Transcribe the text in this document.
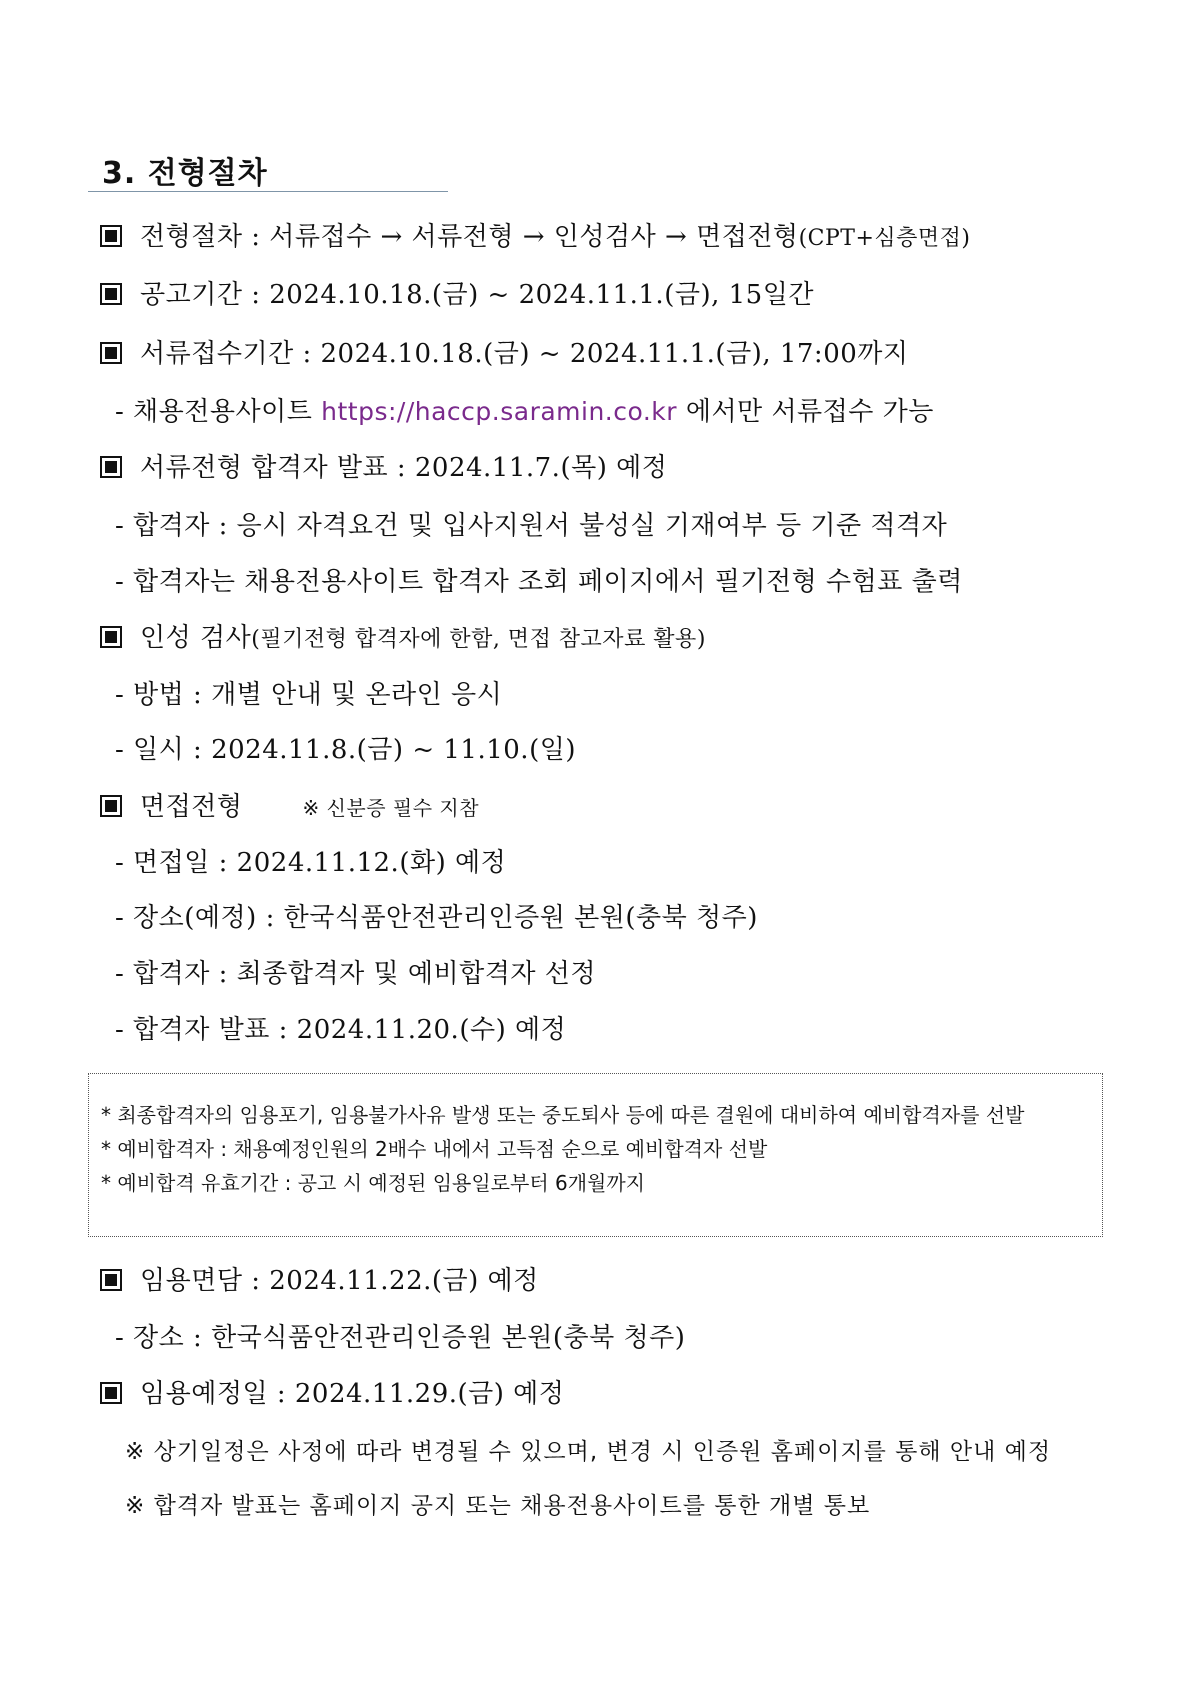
3. 전형절차
전형절차 : 서류접수 → 서류전형 → 인성검사 → 면접전형(CPT+심층면접)
공고기간 : 2024.10.18.(금) ~ 2024.11.1.(금), 15일간
서류접수기간 : 2024.10.18.(금) ~ 2024.11.1.(금), 17:00까지
- 채용전용사이트 https://haccp.saramin.co.kr 에서만 서류접수 가능
서류전형 합격자 발표 : 2024.11.7.(목) 예정
- 합격자 : 응시 자격요건 및 입사지원서 불성실 기재여부 등 기준 적격자
- 합격자는 채용전용사이트 합격자 조회 페이지에서 필기전형 수험표 출력
인성 검사(필기전형 합격자에 한함, 면접 참고자료 활용)
- 방법 : 개별 안내 및 온라인 응시
- 일시 : 2024.11.8.(금) ~ 11.10.(일)
면접전형	※ 신분증 필수 지참
- 면접일 : 2024.11.12.(화) 예정
- 장소(예정) : 한국식품안전관리인증원 본원(충북 청주)
- 합격자 : 최종합격자 및 예비합격자 선정
- 합격자 발표 : 2024.11.20.(수) 예정
* 최종합격자의 임용포기, 임용불가사유 발생 또는 중도퇴사 등에 따른 결원에 대비하여 예비합격자를 선발
* 예비합격자 : 채용예정인원의 2배수 내에서 고득점 순으로 예비합격자 선발
* 예비합격 유효기간 : 공고 시 예정된 임용일로부터 6개월까지
임용면담 : 2024.11.22.(금) 예정
- 장소 : 한국식품안전관리인증원 본원(충북 청주)
임용예정일 : 2024.11.29.(금) 예정
※ 상기일정은 사정에 따라 변경될 수 있으며, 변경 시 인증원 홈페이지를 통해 안내 예정
※ 합격자 발표는 홈페이지 공지 또는 채용전용사이트를 통한 개별 통보
